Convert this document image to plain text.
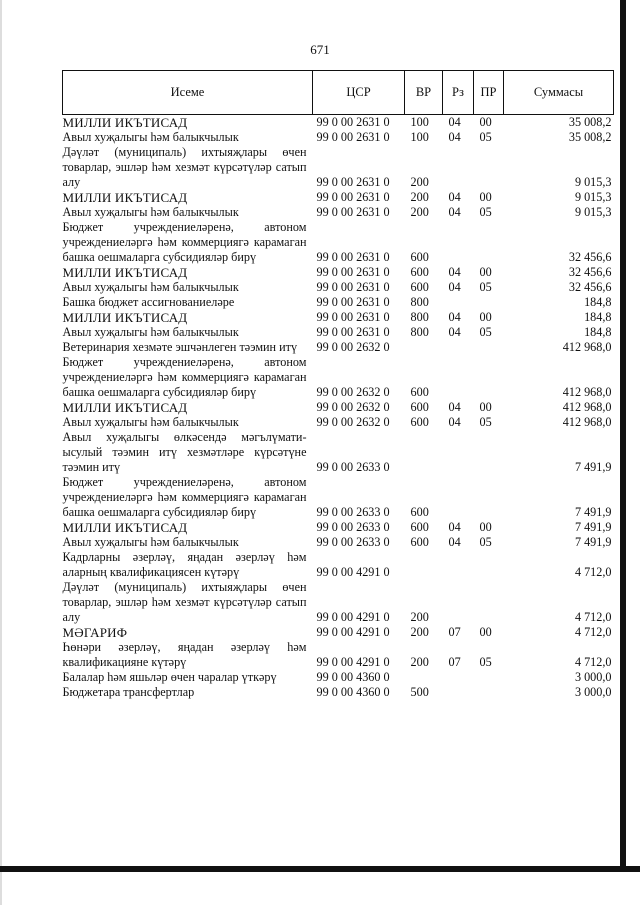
671
Исеме	ЦСР	ВР	Рз	ПР	Суммасы
МИЛЛИ ИКЪТИСАД	99 0 00 2631 0	100	04	00	35 008,2
Авыл хуҗалыгы һәм балыкчылык	99 0 00 2631 0	100	04	05	35 008,2
Дәүләт (муниципаль) ихтыяҗлары өчен товарлар, эшләр һәм хезмәт күрсәтүләр сатып алу	99 0 00 2631 0	200			9 015,3
МИЛЛИ ИКЪТИСАД	99 0 00 2631 0	200	04	00	9 015,3
Авыл хуҗалыгы һәм балыкчылык	99 0 00 2631 0	200	04	05	9 015,3
Бюджет учреждениеләренә, автоном учреждениеләргә һәм коммерциягә карамаган башка оешмаларга субсидияләр бирү	99 0 00 2631 0	600			32 456,6
МИЛЛИ ИКЪТИСАД	99 0 00 2631 0	600	04	00	32 456,6
Авыл хуҗалыгы һәм балыкчылык	99 0 00 2631 0	600	04	05	32 456,6
Башка бюджет ассигнованиеләре	99 0 00 2631 0	800			184,8
МИЛЛИ ИКЪТИСАД	99 0 00 2631 0	800	04	00	184,8
Авыл хуҗалыгы һәм балыкчылык	99 0 00 2631 0	800	04	05	184,8
Ветеринария хезмәте эшчәнлеген тәэмин итү	99 0 00 2632 0				412 968,0
Бюджет учреждениеләренә, автоном учреждениеләргә һәм коммерциягә карамаган башка оешмаларга субсидияләр бирү	99 0 00 2632 0	600			412 968,0
МИЛЛИ ИКЪТИСАД	99 0 00 2632 0	600	04	00	412 968,0
Авыл хуҗалыгы һәм балыкчылык	99 0 00 2632 0	600	04	05	412 968,0
Авыл хуҗалыгы өлкәсендә мәгълүмати-ысулый тәэмин итү хезмәтләре күрсәтүне тәэмин итү	99 0 00 2633 0				7 491,9
Бюджет учреждениеләренә, автоном учреждениеләргә һәм коммерциягә карамаган башка оешмаларга субсидияләр бирү	99 0 00 2633 0	600			7 491,9
МИЛЛИ ИКЪТИСАД	99 0 00 2633 0	600	04	00	7 491,9
Авыл хуҗалыгы һәм балыкчылык	99 0 00 2633 0	600	04	05	7 491,9
Кадрларны әзерләү, яңадан әзерләү һәм аларның квалификациясен күтәрү	99 0 00 4291 0				4 712,0
Дәүләт (муниципаль) ихтыяҗлары өчен товарлар, эшләр һәм хезмәт күрсәтүләр сатып алу	99 0 00 4291 0	200			4 712,0
МӘГАРИФ	99 0 00 4291 0	200	07	00	4 712,0
Һөнәри әзерләү, яңадан әзерләү һәм квалификацияне күтәрү	99 0 00 4291 0	200	07	05	4 712,0
Балалар һәм яшьләр өчен чаралар үткәрү	99 0 00 4360 0				3 000,0
Бюджетара трансфертлар	99 0 00 4360 0	500			3 000,0
